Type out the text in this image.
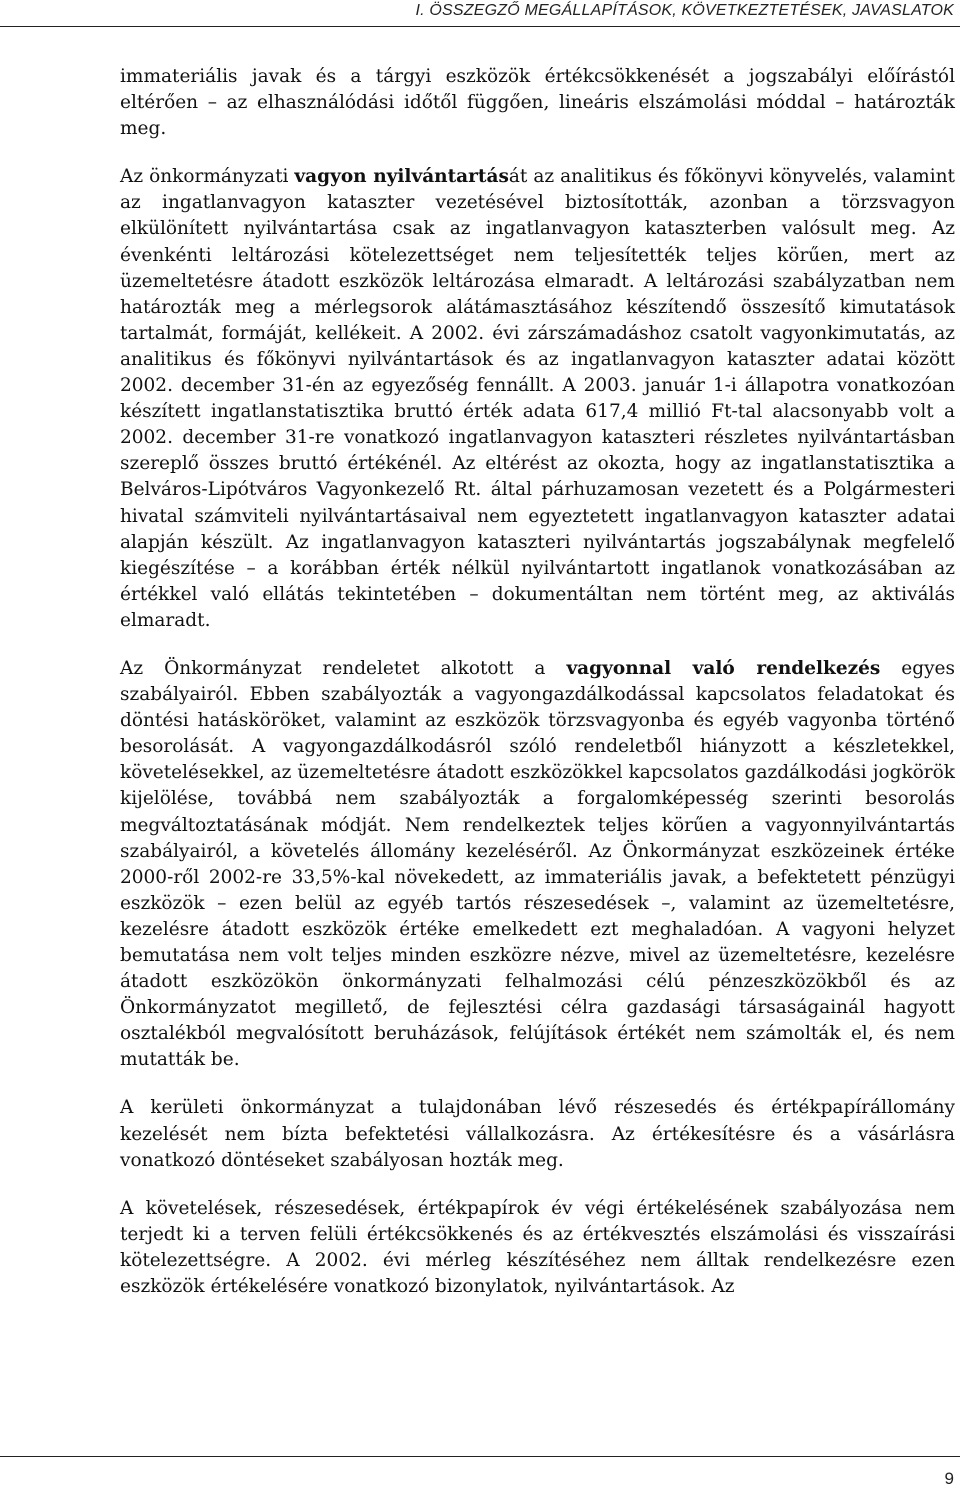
I. ÖSSZEGZŐ MEGÁLLAPÍTÁSOK, KÖVETKEZTETÉSEK, JAVASLATOK

immateriális javak és a tárgyi eszközök értékcsökkenését a jogszabályi előírástól eltérően – az elhasználódási időtől függően, lineáris elszámolási móddal – határozták meg.

Az önkormányzati vagyon nyilvántartását az analitikus és főkönyvi könyvelés, valamint az ingatlanvagyon kataszter vezetésével biztosították, azonban a törzsvagyon elkülönített nyilvántartása csak az ingatlanvagyon kataszterben valósult meg. Az évenkénti leltározási kötelezettséget nem teljesítették teljes körűen, mert az üzemeltetésre átadott eszközök leltározása elmaradt. A leltározási szabályzatban nem határozták meg a mérlegsorok alátámasztásához készítendő összesítő kimutatások tartalmát, formáját, kellékeit. A 2002. évi zárszámadáshoz csatolt vagyonkimutatás, az analitikus és főkönyvi nyilvántartások és az ingatlanvagyon kataszter adatai között 2002. december 31-én az egyezőség fennállt. A 2003. január 1-i állapotra vonatkozóan készített ingatlanstatisztika bruttó érték adata 617,4 millió Ft-tal alacsonyabb volt a 2002. december 31-re vonatkozó ingatlanvagyon kataszteri részletes nyilvántartásban szereplő összes bruttó értékénél. Az eltérést az okozta, hogy az ingatlanstatisztika a Belváros-Lipótváros Vagyonkezelő Rt. által párhuzamosan vezetett és a Polgármesteri hivatal számviteli nyilvántartásaival nem egyeztetett ingatlanvagyon kataszter adatai alapján készült. Az ingatlanvagyon kataszteri nyilvántartás jogszabálynak megfelelő kiegészítése – a korábban érték nélkül nyilvántartott ingatlanok vonatkozásában az értékkel való ellátás tekintetében – dokumentáltan nem történt meg, az aktiválás elmaradt.

Az Önkormányzat rendeletet alkotott a vagyonnal való rendelkezés egyes szabályairól. Ebben szabályozták a vagyongazdálkodással kapcsolatos feladatokat és döntési hatásköröket, valamint az eszközök törzsvagyonba és egyéb vagyonba történő besorolását. A vagyongazdálkodásról szóló rendeletből hiányzott a készletekkel, követelésekkel, az üzemeltetésre átadott eszközökkel kapcsolatos gazdálkodási jogkörök kijelölése, továbbá nem szabályozták a forgalomképesség szerinti besorolás megváltoztatásának módját. Nem rendelkeztek teljes körűen a vagyonnyilvántartás szabályairól, a követelés állomány kezeléséről. Az Önkormányzat eszközeinek értéke 2000-ről 2002-re 33,5%-kal növekedett, az immateriális javak, a befektetett pénzügyi eszközök – ezen belül az egyéb tartós részesedések –, valamint az üzemeltetésre, kezelésre átadott eszközök értéke emelkedett ezt meghaladóan. A vagyoni helyzet bemutatása nem volt teljes minden eszközre nézve, mivel az üzemeltetésre, kezelésre átadott eszközökön önkormányzati felhalmozási célú pénzeszközökből és az Önkormányzatot megillető, de fejlesztési célra gazdasági társaságainál hagyott osztalékból megvalósított beruházások, felújítások értékét nem számolták el, és nem mutatták be.

A kerületi önkormányzat a tulajdonában lévő részesedés és értékpapírállomány kezelését nem bízta befektetési vállalkozásra. Az értékesítésre és a vásárlásra vonatkozó döntéseket szabályosan hozták meg.

A követelések, részesedések, értékpapírok év végi értékelésének szabályozása nem terjedt ki a terven felüli értékcsökkenés és az értékvesztés elszámolási és visszaírási kötelezettségre. A 2002. évi mérleg készítéséhez nem álltak rendelkezésre ezen eszközök értékelésére vonatkozó bizonylatok, nyilvántartások. Az

9
